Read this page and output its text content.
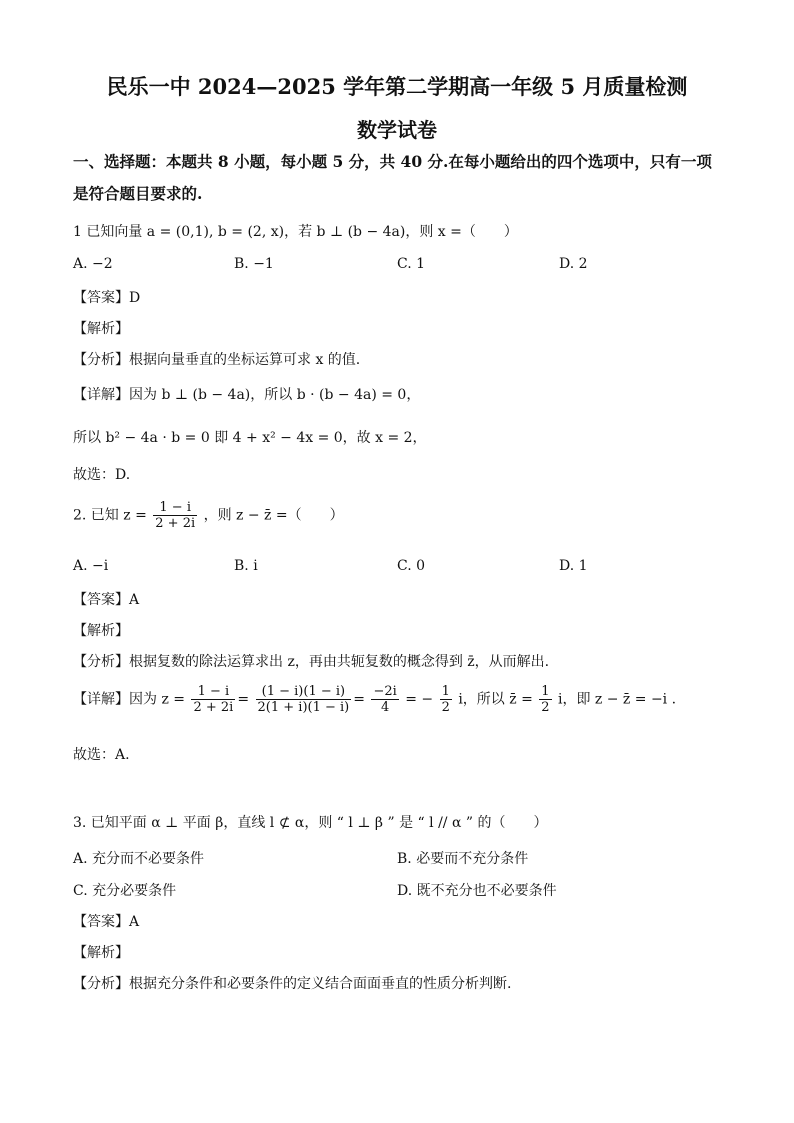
民乐一中 2024—2025 学年第二学期高一年级 5 月质量检测
数学试卷
一、选择题：本题共 8 小题，每小题 5 分，共 40 分.在每小题给出的四个选项中，只有一项
是符合题目要求的.
1 已知向量 a = (0,1), b = (2, x)，若 b ⊥ (b − 4a)，则 x =（　　）
A. −2	B. −1	C. 1	D. 2
【答案】D
【解析】
【分析】根据向量垂直的坐标运算可求 x 的值.
【详解】因为 b ⊥ (b − 4a)，所以 b · (b − 4a) = 0，
所以 b² − 4a · b = 0 即 4 + x² − 4x = 0，故 x = 2，
故选：D.
2. 已知 $z = \frac{1 - i}{2 + 2i}$ ，则 z − z̄ =（　　）
A. −i	B. i	C. 0	D. 1
【答案】A
【解析】
【分析】根据复数的除法运算求出 z，再由共轭复数的概念得到 z̄，从而解出.
【详解】因为 $z = \frac{1 - i}{2 + 2i} = \frac{(1 - i)(1 - i)}{2(1 + i)(1 - i)} = \frac{-2i}{4}$ = − $\frac{1}{2}$ i，所以 z̄ = $\frac{1}{2}$ i，即 z − z̄ = −i .
故选：A.
3. 已知平面 α ⊥ 平面 β，直线 l ⊄ α，则 “ l ⊥ β ” 是 “ l // α ” 的（　　）
A. 充分而不必要条件	B. 必要而不充分条件
C. 充分必要条件	D. 既不充分也不必要条件
【答案】A
【解析】
【分析】根据充分条件和必要条件的定义结合面面垂直的性质分析判断.
